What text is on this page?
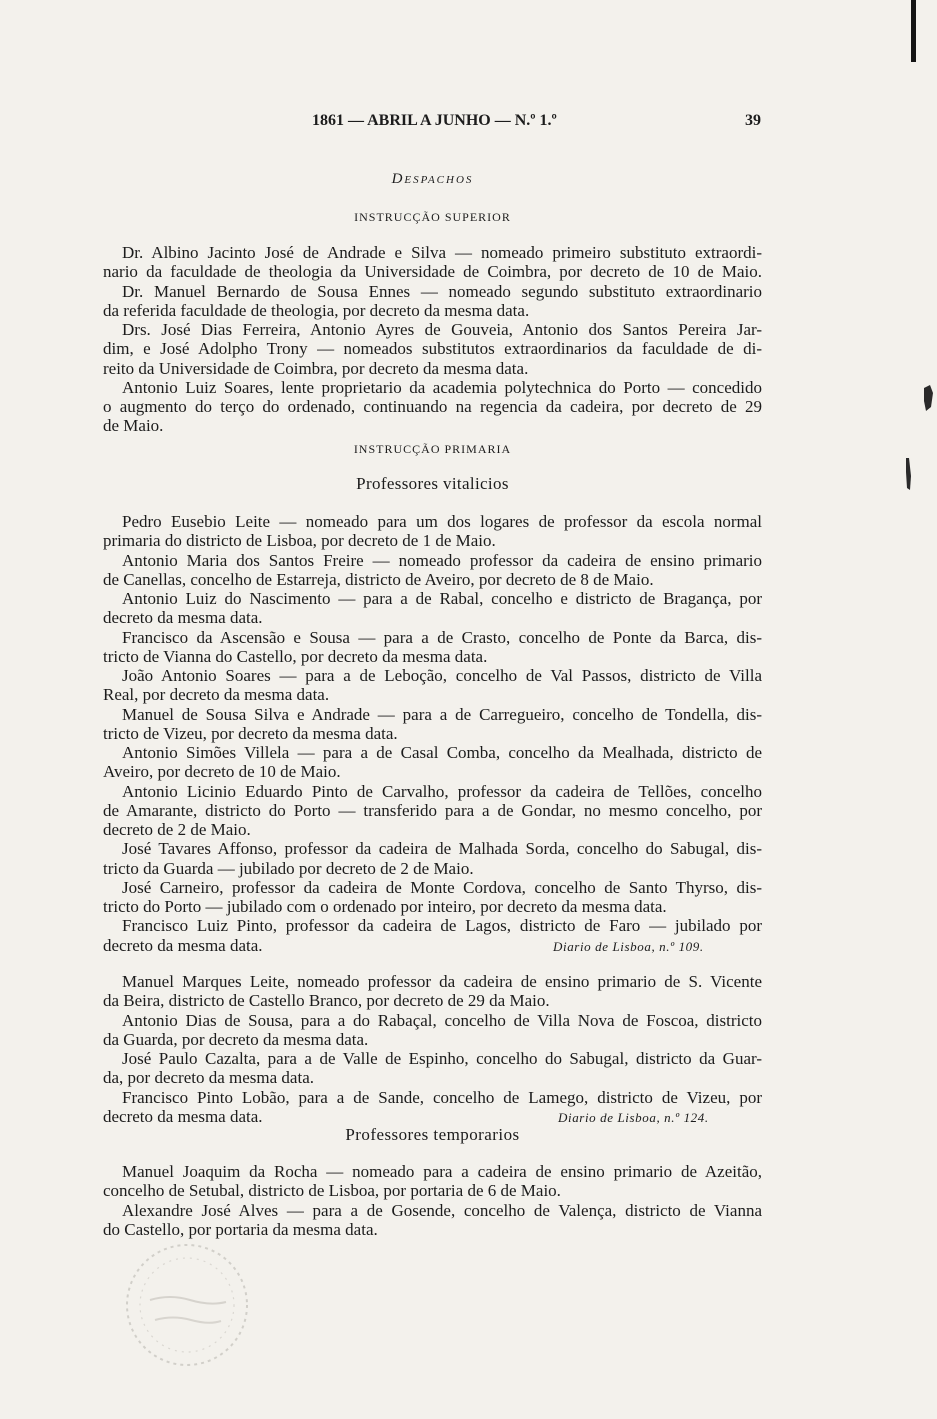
1861 — ABRIL A JUNHO — N.º 1.º	39
Despachos
INSTRUCÇÃO SUPERIOR
Dr. Albino Jacinto José de Andrade e Silva — nomeado primeiro substituto extraordi-
nario da faculdade de theologia da Universidade de Coimbra, por decreto de 10 de Maio.
Dr. Manuel Bernardo de Sousa Ennes — nomeado segundo substituto extraordinario
da referida faculdade de theologia, por decreto da mesma data.
Drs. José Dias Ferreira, Antonio Ayres de Gouveia, Antonio dos Santos Pereira Jar-
dim, e José Adolpho Trony — nomeados substitutos extraordinarios da faculdade de di-
reito da Universidade de Coimbra, por decreto da mesma data.
Antonio Luiz Soares, lente proprietario da academia polytechnica do Porto — concedido
o augmento do terço do ordenado, continuando na regencia da cadeira, por decreto de 29
de Maio.
INSTRUCÇÃO PRIMARIA
Professores vitalicios
Pedro Eusebio Leite — nomeado para um dos logares de professor da escola normal
primaria do districto de Lisboa, por decreto de 1 de Maio.
Antonio Maria dos Santos Freire — nomeado professor da cadeira de ensino primario
de Canellas, concelho de Estarreja, districto de Aveiro, por decreto de 8 de Maio.
Antonio Luiz do Nascimento — para a de Rabal, concelho e districto de Bragança, por
decreto da mesma data.
Francisco da Ascensão e Sousa — para a de Crasto, concelho de Ponte da Barca, dis-
tricto de Vianna do Castello, por decreto da mesma data.
João Antonio Soares — para a de Leboção, concelho de Val Passos, districto de Villa
Real, por decreto da mesma data.
Manuel de Sousa Silva e Andrade — para a de Carregueiro, concelho de Tondella, dis-
tricto de Vizeu, por decreto da mesma data.
Antonio Simões Villela — para a de Casal Comba, concelho da Mealhada, districto de
Aveiro, por decreto de 10 de Maio.
Antonio Licinio Eduardo Pinto de Carvalho, professor da cadeira de Tellões, concelho
de Amarante, districto do Porto — transferido para a de Gondar, no mesmo concelho, por
decreto de 2 de Maio.
José Tavares Affonso, professor da cadeira de Malhada Sorda, concelho do Sabugal, dis-
tricto da Guarda — jubilado por decreto de 2 de Maio.
José Carneiro, professor da cadeira de Monte Cordova, concelho de Santo Thyrso, dis-
tricto do Porto — jubilado com o ordenado por inteiro, por decreto da mesma data.
Francisco Luiz Pinto, professor da cadeira de Lagos, districto de Faro — jubilado por
decreto da mesma data.	Diario de Lisboa, n.º 109.
Manuel Marques Leite, nomeado professor da cadeira de ensino primario de S. Vicente
da Beira, districto de Castello Branco, por decreto de 29 da Maio.
Antonio Dias de Sousa, para a do Rabaçal, concelho de Villa Nova de Foscoa, districto
da Guarda, por decreto da mesma data.
José Paulo Cazalta, para a de Valle de Espinho, concelho do Sabugal, districto da Guar-
da, por decreto da mesma data.
Francisco Pinto Lobão, para a de Sande, concelho de Lamego, districto de Vizeu, por
decreto da mesma data.	Diario de Lisboa, n.º 124.
Professores temporarios
Manuel Joaquim da Rocha — nomeado para a cadeira de ensino primario de Azeitão,
concelho de Setubal, districto de Lisboa, por portaria de 6 de Maio.
Alexandre José Alves — para a de Gosende, concelho de Valença, districto de Vianna
do Castello, por portaria da mesma data.
